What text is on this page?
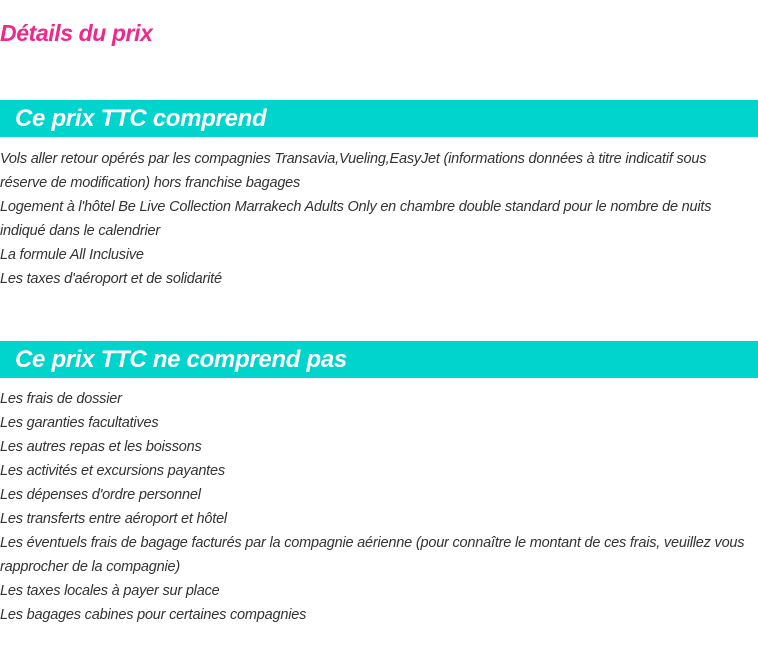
Détails du prix
Ce prix TTC comprend
Vols aller retour opérés par les compagnies Transavia,Vueling,EasyJet (informations données à titre indicatif sous réserve de modification) hors franchise bagages
Logement à l'hôtel Be Live Collection Marrakech Adults Only en chambre double standard pour le nombre de nuits indiqué dans le calendrier
La formule All Inclusive
Les taxes d'aéroport et de solidarité
Ce prix TTC ne comprend pas
Les frais de dossier
Les garanties facultatives
Les autres repas et les boissons
Les activités et excursions payantes
Les dépenses d'ordre personnel
Les transferts entre aéroport et hôtel
Les éventuels frais de bagage facturés par la compagnie aérienne (pour connaître le montant de ces frais, veuillez vous rapprocher de la compagnie)
Les taxes locales à payer sur place
Les bagages cabines pour certaines compagnies
